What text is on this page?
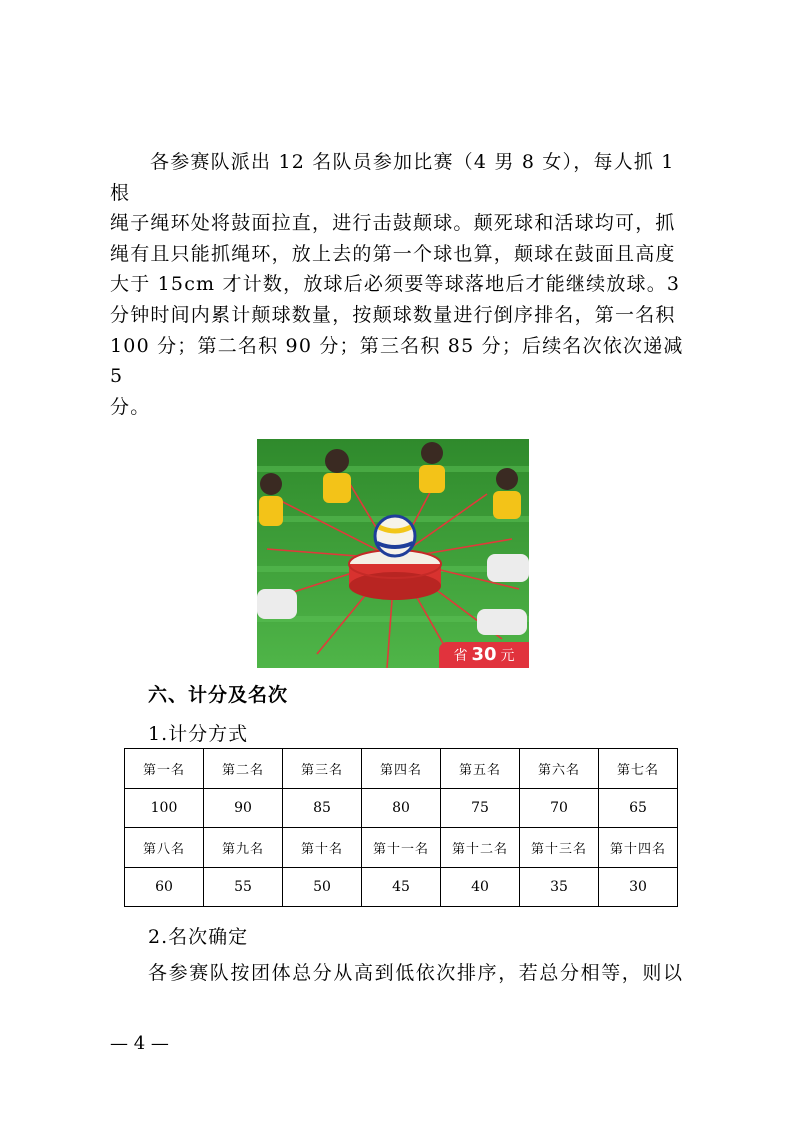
各参赛队派出 12 名队员参加比赛（4 男 8 女），每人抓 1 根
绳子绳环处将鼓面拉直，进行击鼓颠球。颠死球和活球均可，抓
绳有且只能抓绳环，放上去的第一个球也算，颠球在鼓面且高度
大于 15cm 才计数，放球后必须要等球落地后才能继续放球。3
分钟时间内累计颠球数量，按颠球数量进行倒序排名，第一名积
100 分；第二名积 90 分；第三名积 85 分；后续名次依次递减 5
分。
省 30 元
六、计分及名次

1.计分方式

第一名	第二名	第三名	第四名	第五名	第六名	第七名
100	90	85	80	75	70	65
第八名	第九名	第十名	第十一名	第十二名	第十三名	第十四名
60	55	50	45	40	35	30

2.名次确定

各参赛队按团体总分从高到低依次排序，若总分相等，则以

— 4 —
